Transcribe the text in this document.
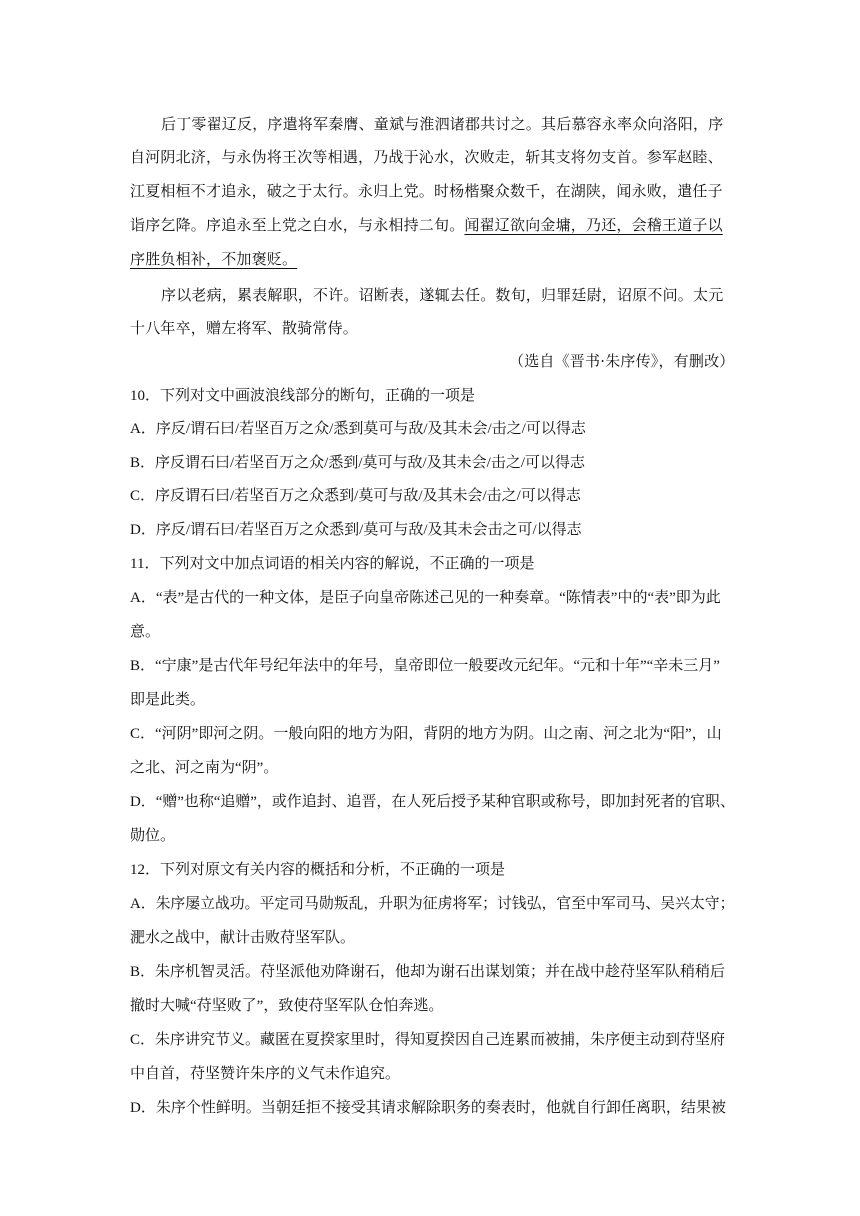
后丁零翟辽反，序遣将军秦膺、童斌与淮泗诸郡共讨之。其后慕容永率众向洛阳，序
自河阴北济，与永伪将王次等相遇，乃战于沁水，次败走，斩其支将勿支首。参军赵睦、
江夏相桓不才追永，破之于太行。永归上党。时杨楷聚众数千，在湖陕，闻永败，遣任子
诣序乞降。序追永至上党之白水，与永相持二旬。闻翟辽欲向金墉，乃还，会稽王道子以
序胜负相补，不加褒贬。
序以老病，累表解职，不许。诏断表，遂辄去任。数旬，归罪廷尉，诏原不问。太元
十八年卒，赠左将军、散骑常侍。
（选自《晋书·朱序传》，有删改）
10．下列对文中画波浪线部分的断句，正确的一项是
A．序反/谓石曰/若坚百万之众/悉到莫可与敌/及其未会/击之/可以得志
B．序反谓石曰/若坚百万之众/悉到/莫可与敌/及其未会/击之/可以得志
C．序反谓石曰/若坚百万之众悉到/莫可与敌/及其未会/击之/可以得志
D．序反/谓石曰/若坚百万之众悉到/莫可与敌/及其未会击之可/以得志
11．下列对文中加点词语的相关内容的解说，不正确的一项是
A．“表”是古代的一种文体，是臣子向皇帝陈述己见的一种奏章。“陈情表”中的“表”即为此
意。
B．“宁康”是古代年号纪年法中的年号，皇帝即位一般要改元纪年。“元和十年”“辛未三月”
即是此类。
C．“河阴”即河之阴。一般向阳的地方为阳，背阴的地方为阴。山之南、河之北为“阳”，山
之北、河之南为“阴”。
D．“赠”也称“追赠”，或作追封、追晋，在人死后授予某种官职或称号，即加封死者的官职、
勋位。
12．下列对原文有关内容的概括和分析，不正确的一项是
A．朱序屡立战功。平定司马勋叛乱，升职为征虏将军；讨钱弘，官至中军司马、吴兴太守；
淝水之战中，献计击败苻坚军队。
B．朱序机智灵活。苻坚派他劝降谢石，他却为谢石出谋划策；并在战中趁苻坚军队稍稍后
撤时大喊“苻坚败了”，致使苻坚军队仓怕奔逃。
C．朱序讲究节义。藏匿在夏揆家里时，得知夏揆因自己连累而被捕，朱序便主动到苻坚府
中自首，苻坚赞许朱序的义气未作追究。
D．朱序个性鲜明。当朝廷拒不接受其请求解除职务的奏表时，他就自行卸任离职，结果被
